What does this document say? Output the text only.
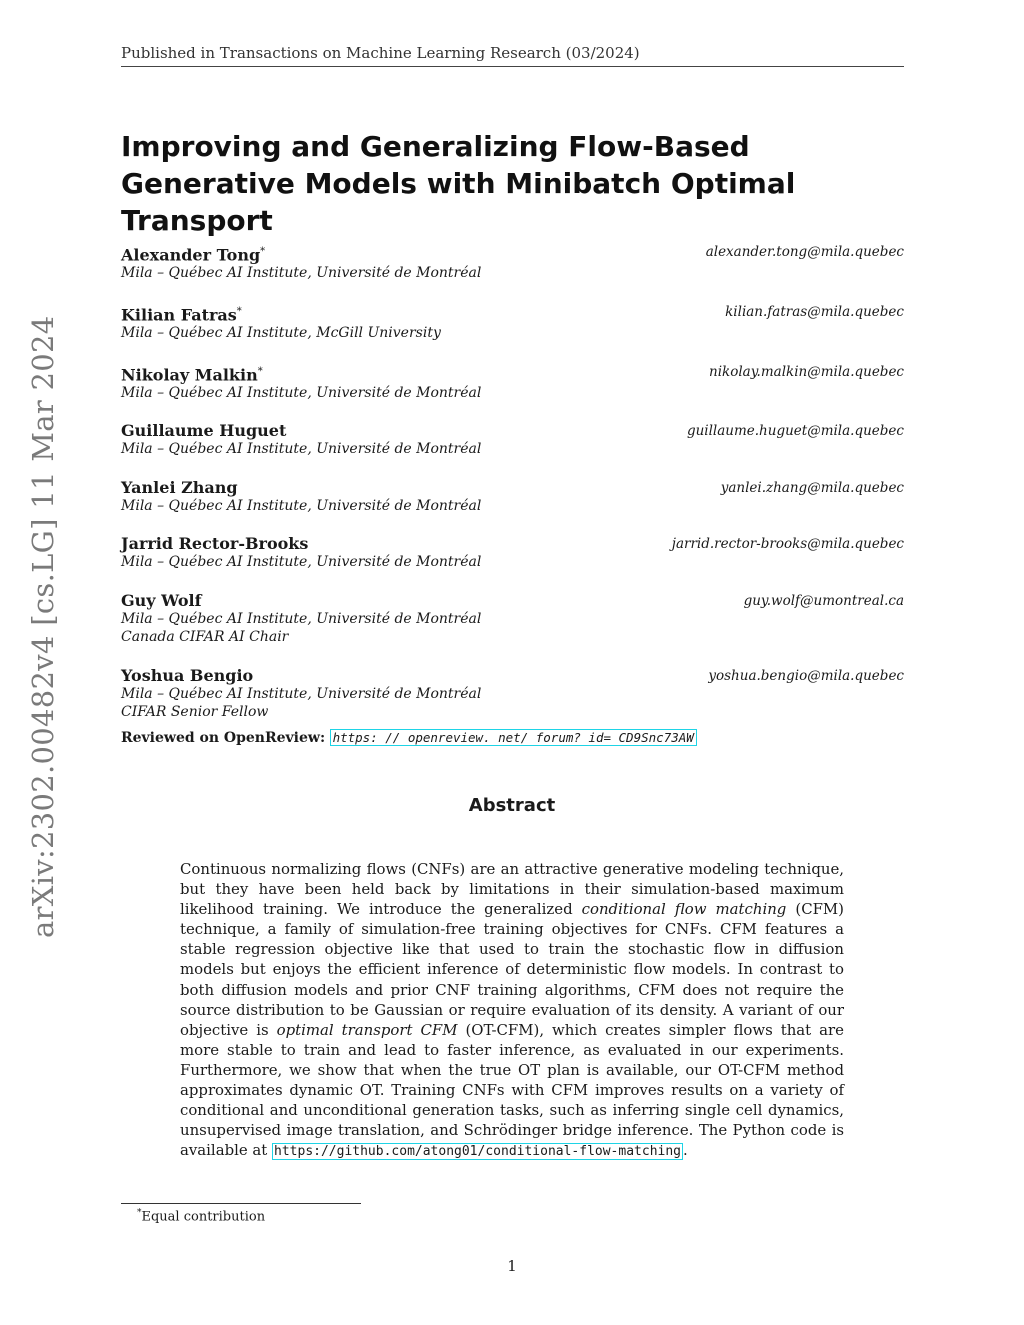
Published in Transactions on Machine Learning Research (03/2024)
Improving and Generalizing Flow-Based Generative Models with Minibatch Optimal Transport
Alexander Tong*	alexander.tong@mila.quebec
Mila – Québec AI Institute, Université de Montréal
Kilian Fatras*	kilian.fatras@mila.quebec
Mila – Québec AI Institute, McGill University
Nikolay Malkin*	nikolay.malkin@mila.quebec
Mila – Québec AI Institute, Université de Montréal
Guillaume Huguet	guillaume.huguet@mila.quebec
Mila – Québec AI Institute, Université de Montréal
Yanlei Zhang	yanlei.zhang@mila.quebec
Mila – Québec AI Institute, Université de Montréal
Jarrid Rector-Brooks	jarrid.rector-brooks@mila.quebec
Mila – Québec AI Institute, Université de Montréal
Guy Wolf	guy.wolf@umontreal.ca
Mila – Québec AI Institute, Université de Montréal
Canada CIFAR AI Chair
Yoshua Bengio	yoshua.bengio@mila.quebec
Mila – Québec AI Institute, Université de Montréal
CIFAR Senior Fellow
Reviewed on OpenReview: https: // openreview. net/ forum? id= CD9Snc73AW
Abstract

Continuous normalizing flows (CNFs) are an attractive generative modeling technique, but they have been held back by limitations in their simulation-based maximum likelihood training. We introduce the generalized conditional flow matching (CFM) technique, a family of simulation-free training objectives for CNFs. CFM features a stable regression objective like that used to train the stochastic flow in diffusion models but enjoys the efficient inference of deterministic flow models. In contrast to both diffusion models and prior CNF training algorithms, CFM does not require the source distribution to be Gaussian or require evaluation of its density. A variant of our objective is optimal transport CFM (OT-CFM), which creates simpler flows that are more stable to train and lead to faster inference, as evaluated in our experiments. Furthermore, we show that when the true OT plan is available, our OT-CFM method approximates dynamic OT. Training CNFs with CFM improves results on a variety of conditional and unconditional generation tasks, such as inferring single cell dynamics, unsupervised image translation, and Schrödinger bridge inference. The Python code is available at https://github.com/atong01/conditional-flow-matching .

*Equal contribution
1
arXiv:2302.00482v4 [cs.LG] 11 Mar 2024
